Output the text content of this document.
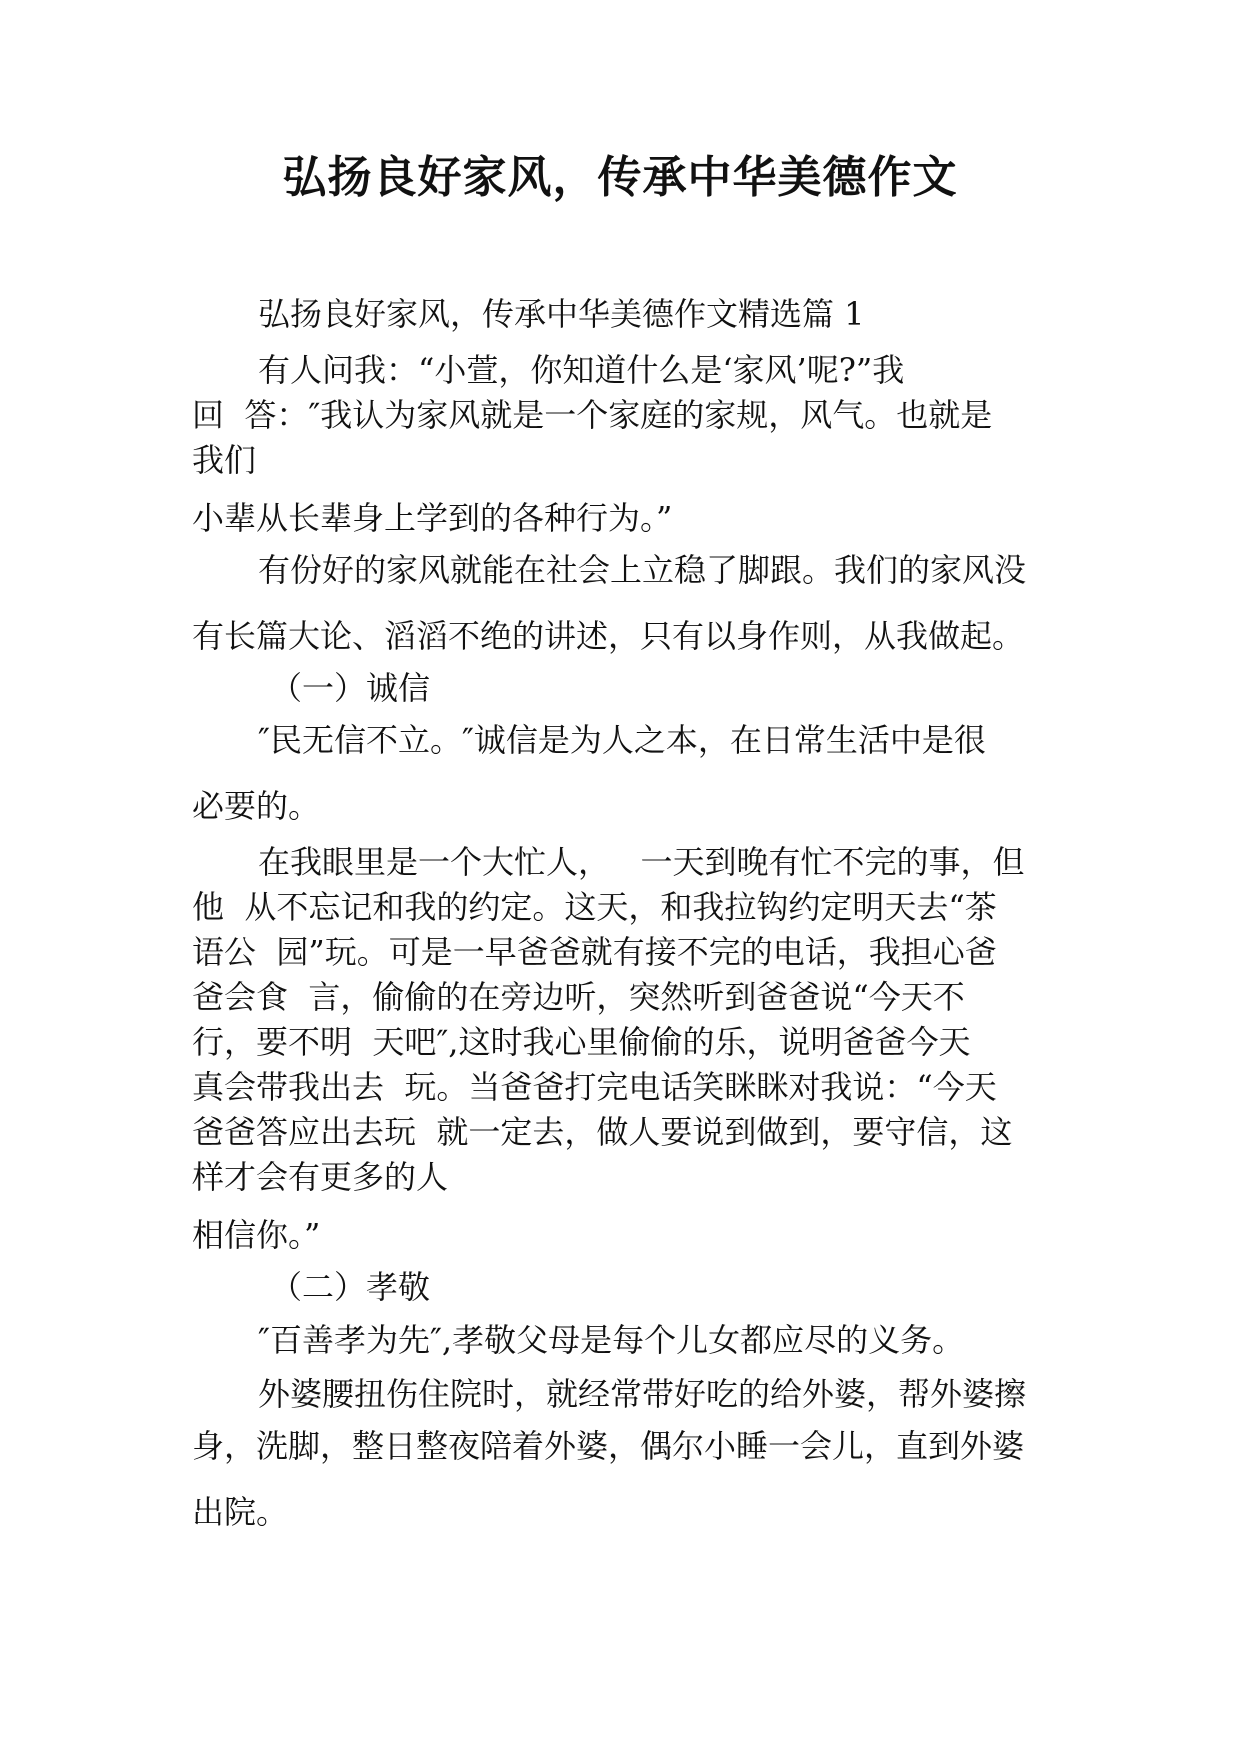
弘扬良好家风，传承中华美德作文
弘扬良好家风，传承中华美德作文精选篇 1
有人问我：“小萱，你知道什么是‘家风’呢?”我
回  答：″我认为家风就是一个家庭的家规，风气。也就是
我们
小辈从长辈身上学到的各种行为。”
有份好的家风就能在社会上立稳了脚跟。我们的家风没
有长篇大论、滔滔不绝的讲述，只有以身作则，从我做起。
（一）诚信
″民无信不立。″诚信是为人之本，在日常生活中是很
必要的。
在我眼里是一个大忙人，   一天到晚有忙不完的事，但
他  从不忘记和我的约定。这天，和我拉钩约定明天去“茶
语公  园”玩。可是一早爸爸就有接不完的电话，我担心爸
爸会食  言，偷偷的在旁边听，突然听到爸爸说“今天不
行，要不明  天吧″,这时我心里偷偷的乐，说明爸爸今天
真会带我出去  玩。当爸爸打完电话笑眯眯对我说：“今天
爸爸答应出去玩  就一定去，做人要说到做到，要守信，这
样才会有更多的人
相信你。”
（二）孝敬
″百善孝为先″,孝敬父母是每个儿女都应尽的义务。
外婆腰扭伤住院时，就经常带好吃的给外婆，帮外婆擦
身，洗脚，整日整夜陪着外婆，偶尔小睡一会儿，直到外婆
出院。
